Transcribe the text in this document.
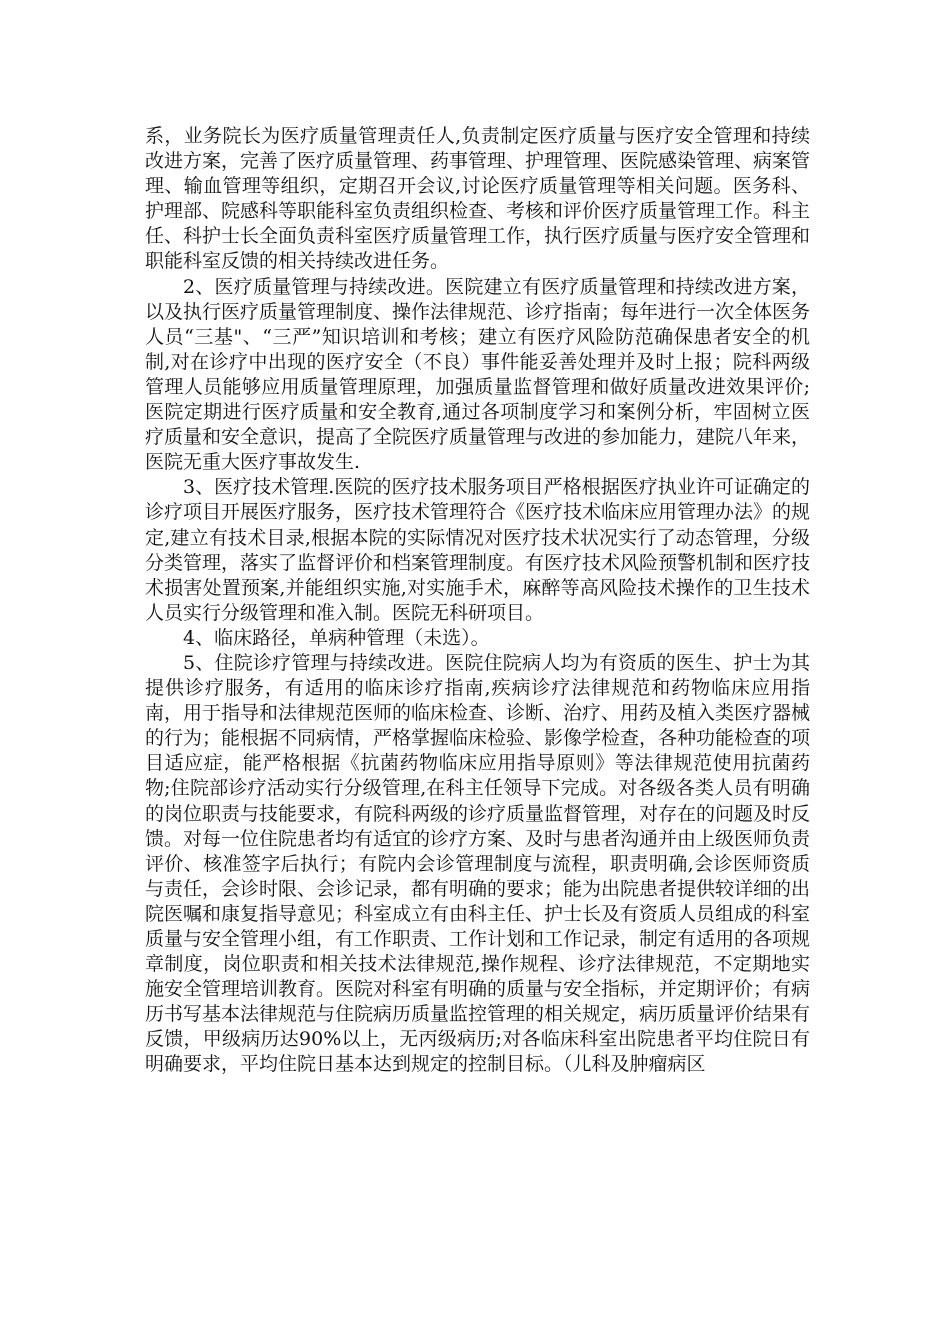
系，业务院长为医疗质量管理责任人,负责制定医疗质量与医疗安全管理和持续改进方案，完善了医疗质量管理、药事管理、护理管理、医院感染管理、病案管理、输血管理等组织，定期召开会议,讨论医疗质量管理等相关问题。医务科、护理部、院感科等职能科室负责组织检查、考核和评价医疗质量管理工作。科主任、科护士长全面负责科室医疗质量管理工作，执行医疗质量与医疗安全管理和职能科室反馈的相关持续改进任务。

2、医疗质量管理与持续改进。医院建立有医疗质量管理和持续改进方案，以及执行医疗质量管理制度、操作法律规范、诊疗指南；每年进行一次全体医务人员“三基"、“三严”知识培训和考核；建立有医疗风险防范确保患者安全的机制,对在诊疗中出现的医疗安全（不良）事件能妥善处理并及时上报；院科两级管理人员能够应用质量管理原理，加强质量监督管理和做好质量改进效果评价;医院定期进行医疗质量和安全教育,通过各项制度学习和案例分析，牢固树立医疗质量和安全意识，提高了全院医疗质量管理与改进的参加能力，建院八年来，医院无重大医疗事故发生.

3、医疗技术管理.医院的医疗技术服务项目严格根据医疗执业许可证确定的诊疗项目开展医疗服务，医疗技术管理符合《医疗技术临床应用管理办法》的规定,建立有技术目录,根据本院的实际情况对医疗技术状况实行了动态管理，分级分类管理，落实了监督评价和档案管理制度。有医疗技术风险预警机制和医疗技术损害处置预案,并能组织实施,对实施手术，麻醉等高风险技术操作的卫生技术人员实行分级管理和准入制。医院无科研项目。

4、临床路径，单病种管理（未选）。

5、住院诊疗管理与持续改进。医院住院病人均为有资质的医生、护士为其提供诊疗服务，有适用的临床诊疗指南,疾病诊疗法律规范和药物临床应用指南，用于指导和法律规范医师的临床检查、诊断、治疗、用药及植入类医疗器械的行为；能根据不同病情，严格掌握临床检验、影像学检查，各种功能检查的项目适应症，能严格根据《抗菌药物临床应用指导原则》等法律规范使用抗菌药物;住院部诊疗活动实行分级管理,在科主任领导下完成。对各级各类人员有明确的岗位职责与技能要求，有院科两级的诊疗质量监督管理，对存在的问题及时反馈。对每一位住院患者均有适宜的诊疗方案、及时与患者沟通并由上级医师负责评价、核准签字后执行；有院内会诊管理制度与流程，职责明确,会诊医师资质与责任，会诊时限、会诊记录，都有明确的要求；能为出院患者提供较详细的出院医嘱和康复指导意见；科室成立有由科主任、护士长及有资质人员组成的科室质量与安全管理小组，有工作职责、工作计划和工作记录，制定有适用的各项规章制度，岗位职责和相关技术法律规范,操作规程、诊疗法律规范，不定期地实施安全管理培训教育。医院对科室有明确的质量与安全指标，并定期评价；有病历书写基本法律规范与住院病历质量监控管理的相关规定，病历质量评价结果有反馈，甲级病历达90%以上，无丙级病历;对各临床科室出院患者平均住院日有明确要求，平均住院日基本达到规定的控制目标。（儿科及肿瘤病区
